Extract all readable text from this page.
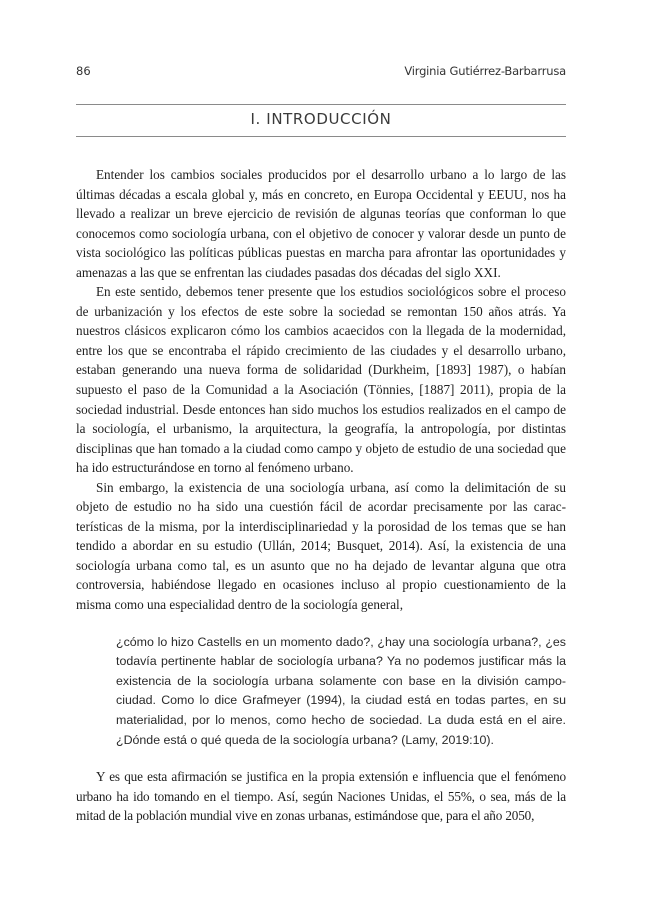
86	Virginia Gutiérrez-Barbarrusa
I. INTRODUCCIÓN

Entender los cambios sociales producidos por el desarrollo urbano a lo largo de las últimas décadas a escala global y, más en concreto, en Europa Occidental y EEUU, nos ha llevado a realizar un breve ejercicio de revisión de algunas teorías que conforman lo que conocemos como sociología urbana, con el objetivo de conocer y valorar desde un punto de vista sociológico las políticas públicas puestas en marcha para afrontar las oportunidades y amenazas a las que se enfrentan las ciudades pasadas dos décadas del siglo XXI.

En este sentido, debemos tener presente que los estudios sociológicos sobre el proceso de urbanización y los efectos de este sobre la sociedad se remontan 150 años atrás. Ya nuestros clásicos explicaron cómo los cambios acaecidos con la llegada de la modernidad, entre los que se encontraba el rápido crecimiento de las ciudades y el desarrollo urbano, estaban generando una nueva forma de solidaridad (Durkheim, [1893] 1987), o habían supuesto el paso de la Comunidad a la Asociación (Tönnies, [1887] 2011), propia de la sociedad industrial. Desde entonces han sido muchos los estudios realizados en el campo de la sociología, el urbanismo, la arquitectura, la geografía, la antropología, por distintas disciplinas que han tomado a la ciudad como campo y objeto de estudio de una sociedad que ha ido estructurándose en torno al fenómeno urbano.

Sin embargo, la existencia de una sociología urbana, así como la delimitación de su objeto de estudio no ha sido una cuestión fácil de acordar precisamente por las características de la misma, por la interdisciplinariedad y la porosidad de los temas que se han tendido a abordar en su estudio (Ullán, 2014; Busquet, 2014). Así, la existencia de una sociología urbana como tal, es un asunto que no ha dejado de levantar alguna que otra controversia, habiéndose llegado en ocasiones incluso al propio cuestionamiento de la misma como una especialidad dentro de la sociología general,

¿cómo lo hizo Castells en un momento dado?, ¿hay una sociología urbana?, ¿es todavía pertinente hablar de sociología urbana? Ya no podemos justificar más la existencia de la sociología urbana solamente con base en la división campo-ciudad. Como lo dice Grafmeyer (1994), la ciudad está en todas partes, en su materialidad, por lo menos, como hecho de sociedad. La duda está en el aire. ¿Dónde está o qué queda de la sociología urbana? (Lamy, 2019:10).

Y es que esta afirmación se justifica en la propia extensión e influencia que el fenómeno urbano ha ido tomando en el tiempo. Así, según Naciones Unidas, el 55%, o sea, más de la mitad de la población mundial vive en zonas urbanas, estimándose que, para el año 2050,
